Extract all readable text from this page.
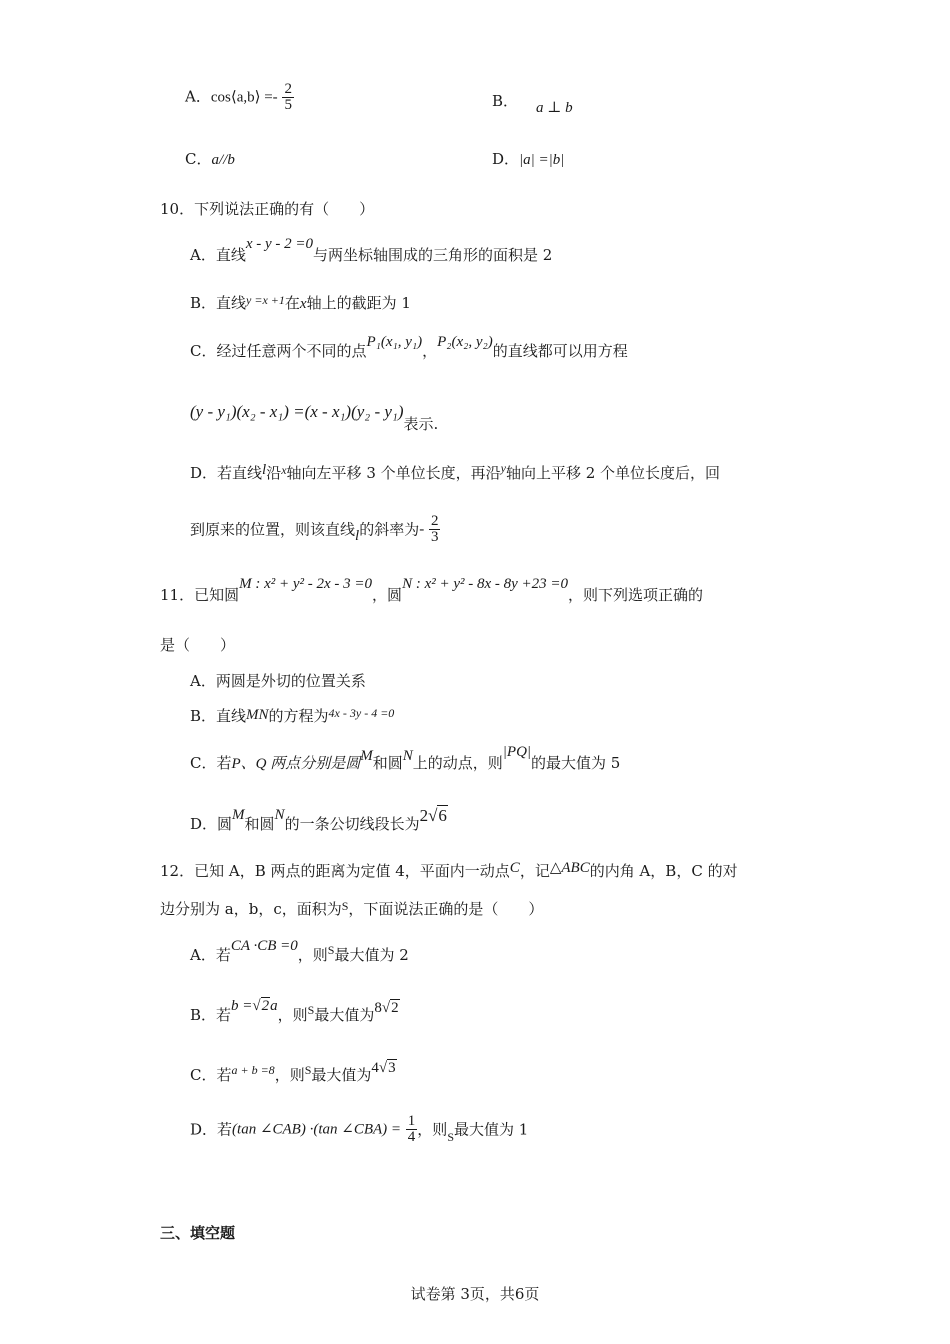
A．cos⟨a,b⟩ =- $\frac{2}{5}$	B． a ⊥ b
C．a//b	D．|a| =|b|
10．下列说法正确的有（　　）
A．直线x - y - 2 =0与两坐标轴围成的三角形的面积是 2
B．直线$^{y =x +1}$在x轴上的截距为 1
C．经过任意两个不同的点P₁(x₁, y₁)，P₂(x₂, y₂)的直线都可以用方程
(y - y₁)(x₂ - x₁) =(x - x₁)(y₂ - y₁)表示.
D．若直线l沿$^x$轴向左平移 3 个单位长度，再沿$^y$轴向上平移 2 个单位长度后，回
到原来的位置，则该直线l的斜率为- $\frac{2}{3}$
11．已知圆M : x² + y² - 2x - 3 =0，圆N : x² + y² - 8x - 8y +23 =0，则下列选项正确的
是（　　）
A．两圆是外切的位置关系
B．直线MN的方程为$^{4x - 3y - 4 =0}$
C．若P、Q 两点分别是圆M和圆N上的动点，则|PQ|的最大值为 5
D．圆M和圆N的一条公切线段长为2√6
12．已知 A，B 两点的距离为定值 4，平面内一动点C，记△ABC的内角 A，B，C 的对
边分别为 a，b，c，面积为$^S$，下面说法正确的是（　　）
A．若CA ·CB =0，则$^S$最大值为 2
B．若b =√2a，则$^S$最大值为8√2
C．若$^{a + b =8}$，则$^S$最大值为4√3
D．若(tan ∠CAB) ·(tan ∠CBA) = $\frac{1}{4}$ ，则$_S$最大值为 1
三、填空题
试卷第 3页，共6页
